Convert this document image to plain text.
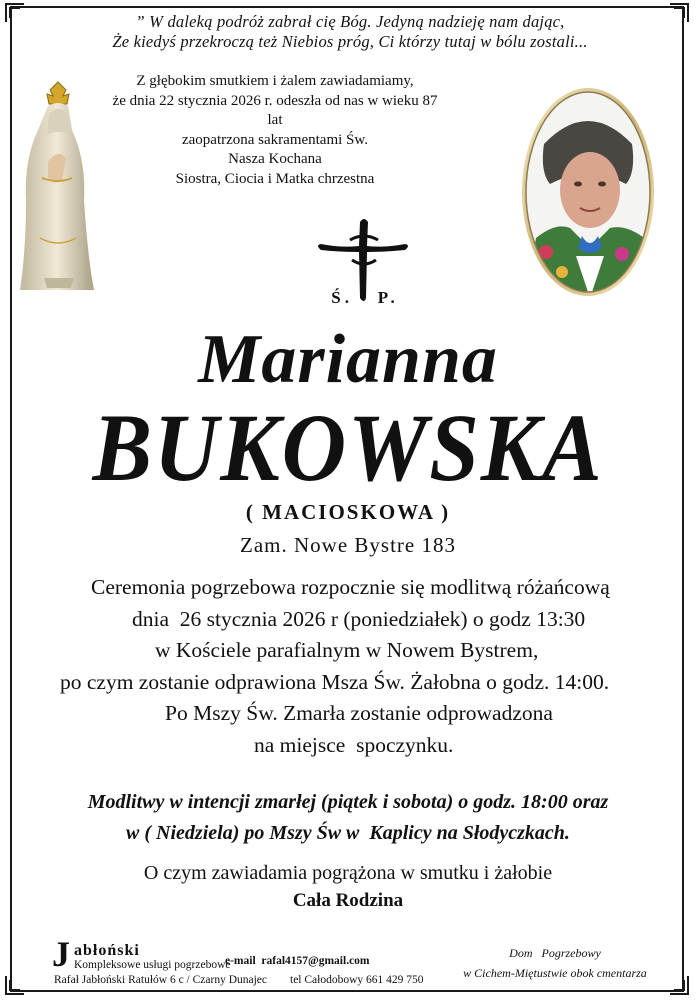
” W daleką podróż zabrał cię Bóg. Jedyną nadzieję nam dając,
Że kiedyś przekroczą też Niebios próg, Ci którzy tutaj w bólu zostali...
Z głębokim smutkiem i żalem zawiadamiamy,
że dnia 22 stycznia 2026 r. odeszła od nas w wieku 87 lat
zaopatrzona sakramentami Św.
Nasza Kochana
Siostra, Ciocia i Matka chrzestna
Ś.   P.
Marianna
BUKOWSKA
( MACIOSKOWA )
Zam. Nowe Bystre 183
Ceremonia pogrzebowa rozpocznie się modlitwą różańcową
dnia  26 stycznia 2026 r (poniedziałek) o godz 13:30
w Kościele parafialnym w Nowem Bystrem,
po czym zostanie odprawiona Msza Św. Żałobna o godz. 14:00.
Po Mszy Św. Zmarła zostanie odprowadzona
na miejsce  spoczynku.
Modlitwy w intencji zmarłej (piątek i sobota) o godz. 18:00 oraz
w ( Niedziela) po Mszy Św w  Kaplicy na Słodyczkach.
O czym zawiadamia pogrążona w smutku i żałobie
Cała Rodzina
J abłoński
Kompleksowe usługi pogrzebowe
e-mail rafal4157@gmail.com
Rafał Jabłoński Ratułów 6 c / Czarny Dunajec tel Całodobowy 661 429 750
Dom   Pogrzebowy
w Cichem-Miętustwie obok cmentarza
